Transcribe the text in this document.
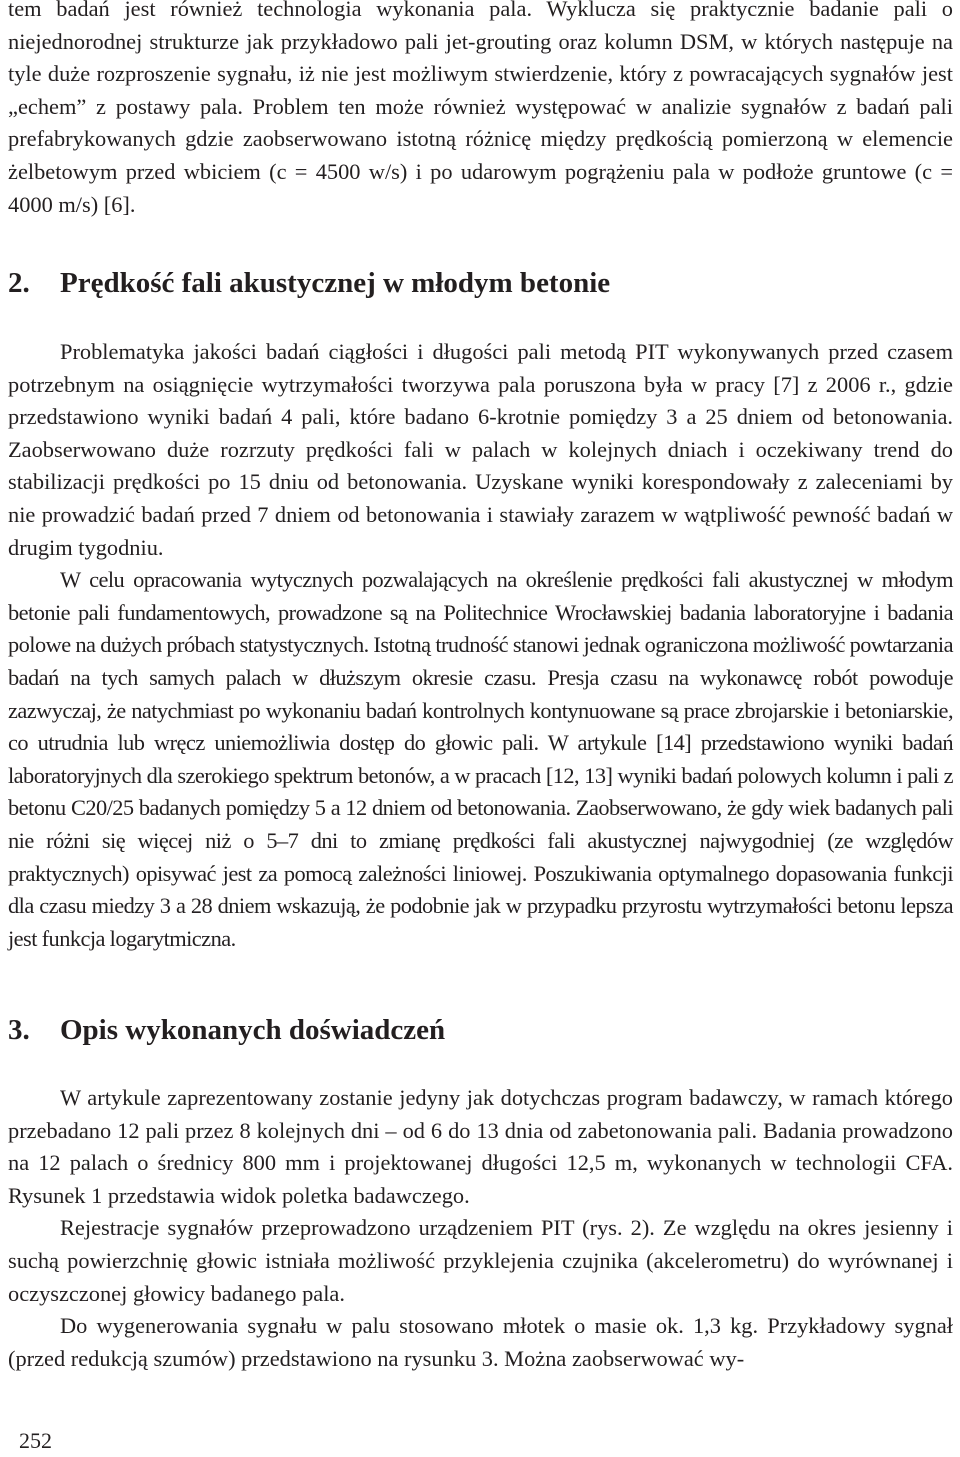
tem badań jest również technologia wykonania pala. Wyklucza się praktycznie badanie pali o niejednorodnej strukturze jak przykładowo pali jet-grouting oraz kolumn DSM, w których następuje na tyle duże rozproszenie sygnału, iż nie jest możliwym stwierdzenie, który z powracających sygnałów jest „echem” z postawy pala. Problem ten może również występować w analizie sygnałów z badań pali prefabrykowanych gdzie zaobserwowano istotną różnicę między prędkością pomierzoną w elemencie żelbetowym przed wbiciem (c = 4500 w/s) i po udarowym pogrążeniu pala w podłoże gruntowe (c = 4000 m/s) [6].

2. Prędkość fali akustycznej w młodym betonie

Problematyka jakości badań ciągłości i długości pali metodą PIT wykonywanych przed czasem potrzebnym na osiągnięcie wytrzymałości tworzywa pala poruszona była w pracy [7] z 2006 r., gdzie przedstawiono wyniki badań 4 pali, które badano 6-krotnie pomiędzy 3 a 25 dniem od betonowania. Zaobserwowano duże rozrzuty prędkości fali w palach w kolejnych dniach i oczekiwany trend do stabilizacji prędkości po 15 dniu od betonowania. Uzyskane wyniki korespondowały z zaleceniami by nie prowadzić badań przed 7 dniem od betonowania i stawiały zarazem w wątpliwość pewność badań w drugim tygodniu.

W celu opracowania wytycznych pozwalających na określenie prędkości fali akustycznej w młodym betonie pali fundamentowych, prowadzone są na Politechnice Wrocławskiej badania laboratoryjne i badania polowe na dużych próbach statystycznych. Istotną trudność stanowi jednak ograniczona możliwość powtarzania badań na tych samych palach w dłuższym okresie czasu. Presja czasu na wykonawcę robót powoduje zazwyczaj, że natychmiast po wykonaniu badań kontrolnych kontynuowane są prace zbrojarskie i betoniarskie, co utrudnia lub wręcz uniemożliwia dostęp do głowic pali. W artykule [14] przedstawiono wyniki badań laboratoryjnych dla szerokiego spektrum betonów, a w pracach [12, 13] wyniki badań polowych kolumn i pali z betonu C20/25 badanych pomiędzy 5 a 12 dniem od betonowania. Zaobserwowano, że gdy wiek badanych pali nie różni się więcej niż o 5–7 dni to zmianę prędkości fali akustycznej najwygodniej (ze względów praktycznych) opisywać jest za pomocą zależności liniowej. Poszukiwania optymalnego dopasowania funkcji dla czasu miedzy 3 a 28 dniem wskazują, że podobnie jak w przypadku przyrostu wytrzymałości betonu lepsza jest funkcja logarytmiczna.

3. Opis wykonanych doświadczeń

W artykule zaprezentowany zostanie jedyny jak dotychczas program badawczy, w ramach którego przebadano 12 pali przez 8 kolejnych dni – od 6 do 13 dnia od zabetonowania pali. Badania prowadzono na 12 palach o średnicy 800 mm i projektowanej długości 12,5 m, wykonanych w technologii CFA. Rysunek 1 przedstawia widok poletka badawczego.

Rejestracje sygnałów przeprowadzono urządzeniem PIT (rys. 2). Ze względu na okres jesienny i suchą powierzchnię głowic istniała możliwość przyklejenia czujnika (akcelerometru) do wyrównanej i oczyszczonej głowicy badanego pala.

Do wygenerowania sygnału w palu stosowano młotek o masie ok. 1,3 kg. Przykładowy sygnał (przed redukcją szumów) przedstawiono na rysunku 3. Można zaobserwować wy-

252
